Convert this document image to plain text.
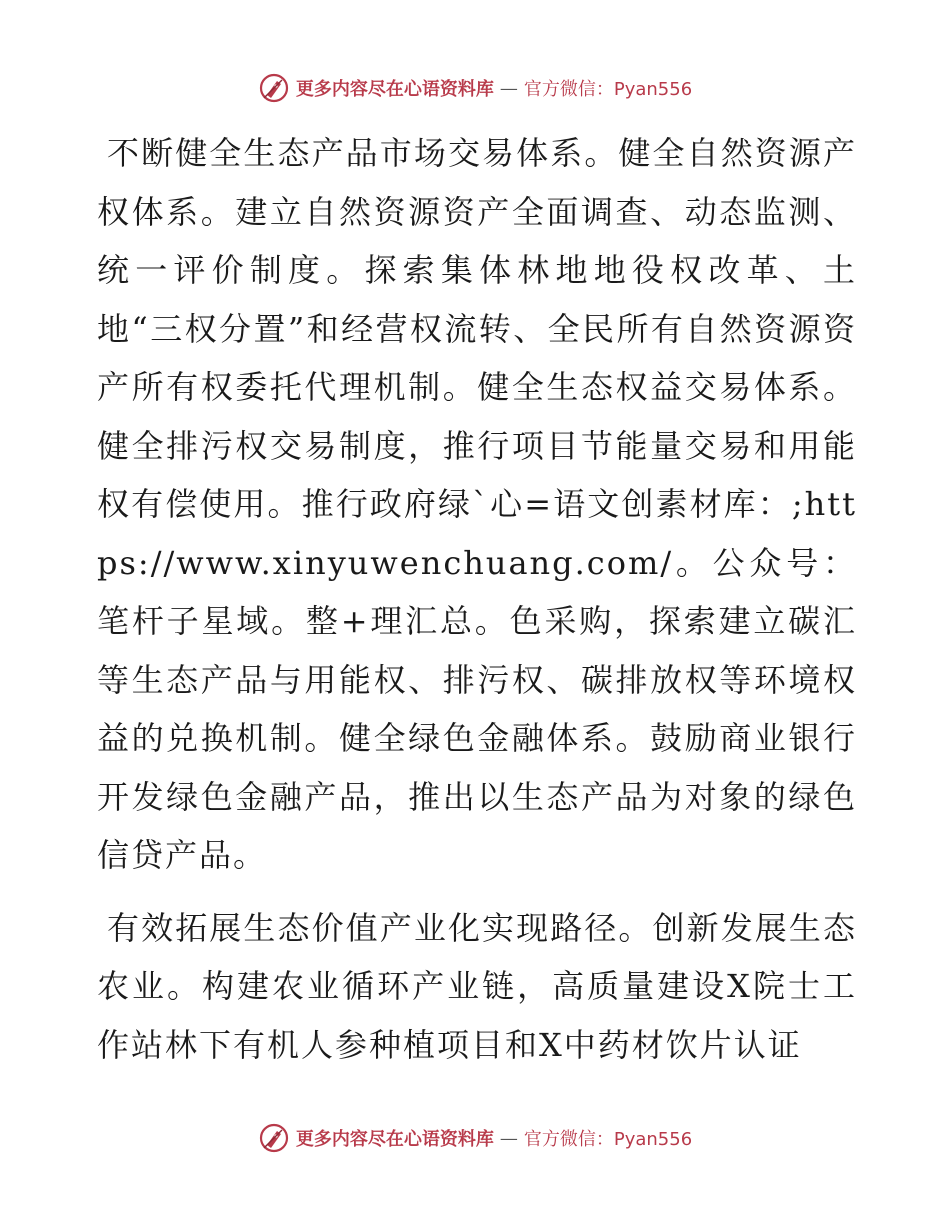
更多内容尽在心语资料库 — 官方微信：Pyan556

不断健全生态产品市场交易体系。健全自然资源产权体系。建立自然资源资产全面调查、动态监测、统一评价制度。探索集体林地地役权改革、土地“三权分置”和经营权流转、全民所有自然资源资产所有权委托代理机制。健全生态权益交易体系。健全排污权交易制度，推行项目节能量交易和用能权有偿使用。推行政府绿`心=语文创素材库：;https://www.xinyuwenchuang.com/。公众号：笔杆子星域。整+理汇总。色采购，探索建立碳汇等生态产品与用能权、排污权、碳排放权等环境权益的兑换机制。健全绿色金融体系。鼓励商业银行开发绿色金融产品，推出以生态产品为对象的绿色信贷产品。

有效拓展生态价值产业化实现路径。创新发展生态农业。构建农业循环产业链，高质量建设X院士工作站林下有机人参种植项目和X中药材饮片认证

更多内容尽在心语资料库 — 官方微信：Pyan556
